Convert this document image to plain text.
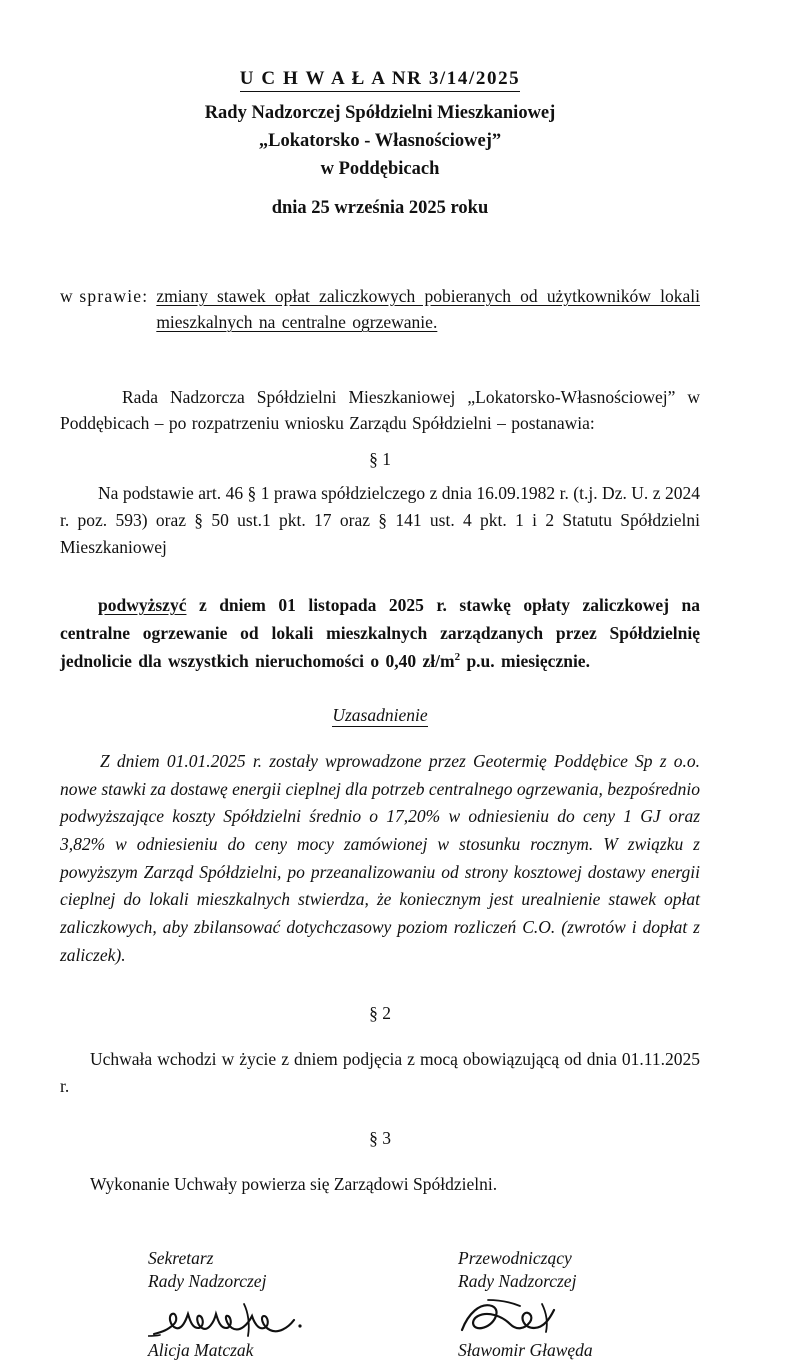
U C H W A Ł A NR 3/14/2025
Rady Nadzorczej Spółdzielni Mieszkaniowej
„Lokatorsko - Własnościowej”
w Poddębicach
dnia 25 września 2025 roku
w sprawie: zmiany stawek opłat zaliczkowych pobieranych od użytkowników lokali mieszkalnych na centralne ogrzewanie.
Rada Nadzorcza Spółdzielni Mieszkaniowej „Lokatorsko-Własnościowej” w Poddębicach – po rozpatrzeniu wniosku Zarządu Spółdzielni – postanawia:
§ 1
Na podstawie art. 46 § 1 prawa spółdzielczego z dnia 16.09.1982 r. (t.j. Dz. U. z 2024 r. poz. 593) oraz § 50 ust.1 pkt. 17 oraz § 141 ust. 4 pkt. 1 i 2 Statutu Spółdzielni Mieszkaniowej
podwyższyć z dniem 01 listopada 2025 r. stawkę opłaty zaliczkowej na centralne ogrzewanie od lokali mieszkalnych zarządzanych przez Spółdzielnię jednolicie dla wszystkich nieruchomości o 0,40 $zł/m^2$ p.u. miesięcznie.
Uzasadnienie
Z dniem 01.01.2025 r. zostały wprowadzone przez Geotermię Poddębice Sp z o.o. nowe stawki za dostawę energii cieplnej dla potrzeb centralnego ogrzewania, bezpośrednio podwyższające koszty Spółdzielni średnio o 17,20% w odniesieniu do ceny 1 GJ oraz 3,82% w odniesieniu do ceny mocy zamówionej w stosunku rocznym. W związku z powyższym Zarząd Spółdzielni, po przeanalizowaniu od strony kosztowej dostawy energii cieplnej do lokali mieszkalnych stwierdza, że koniecznym jest urealnienie stawek opłat zaliczkowych, aby zbilansować dotychczasowy poziom rozliczeń C.O. (zwrotów i dopłat z zaliczek).
§ 2
Uchwała wchodzi w życie z dniem podjęcia z mocą obowiązującą od dnia 01.11.2025 r.
§ 3
Wykonanie Uchwały powierza się Zarządowi Spółdzielni.
Sekretarz
Rady Nadzorczej
Alicja Matczak
Przewodniczący
Rady Nadzorczej
Sławomir Gławęda
